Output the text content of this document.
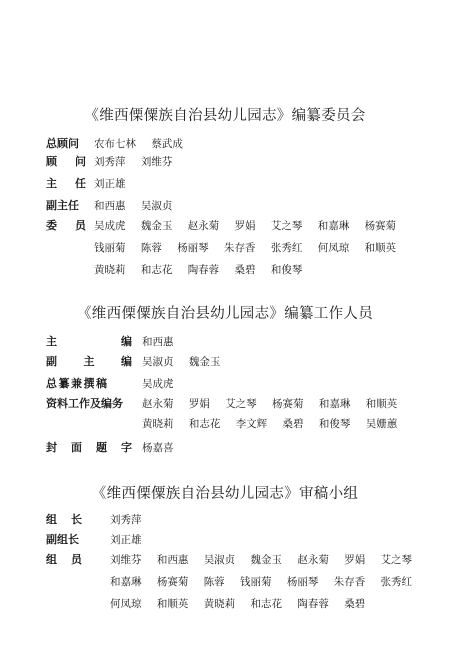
《维西傈僳族自治县幼儿园志》编纂委员会
总顾问 农布七林 蔡武成
顾 问 刘秀萍 刘维芬
主 任 刘正雄
副主任 和西惠 吴淑贞
委 员 吴成虎 魏金玉 赵永菊 罗娟 艾之琴 和嘉琳 杨赛菊
钱丽菊 陈蓉 杨丽琴 朱存香 张秀红 何凤琼 和顺英
黄晓莉 和志花 陶春蓉 桑碧 和俊琴
《维西傈僳族自治县幼儿园志》编纂工作人员
主	编 和西惠
副 主 编 吴淑贞 魏金玉
总纂兼撰稿	吴成虎
资料工作及编务 赵永菊 罗娟 艾之琴 杨赛菊 和嘉琳 和顺英
黄晓莉 和志花 李文辉 桑碧 和俊琴 吴姗蕙
封 面 题 字 杨嘉喜
《维西傈僳族自治县幼儿园志》审稿小组
组 长	刘秀萍
副组长	刘正雄
组 员	刘维芬 和西惠 吴淑贞 魏金玉 赵永菊 罗娟 艾之琴
和嘉琳 杨赛菊 陈蓉 钱丽菊 杨丽琴 朱存香 张秀红
何凤琼 和顺英 黄晓莉 和志花 陶春蓉 桑碧
